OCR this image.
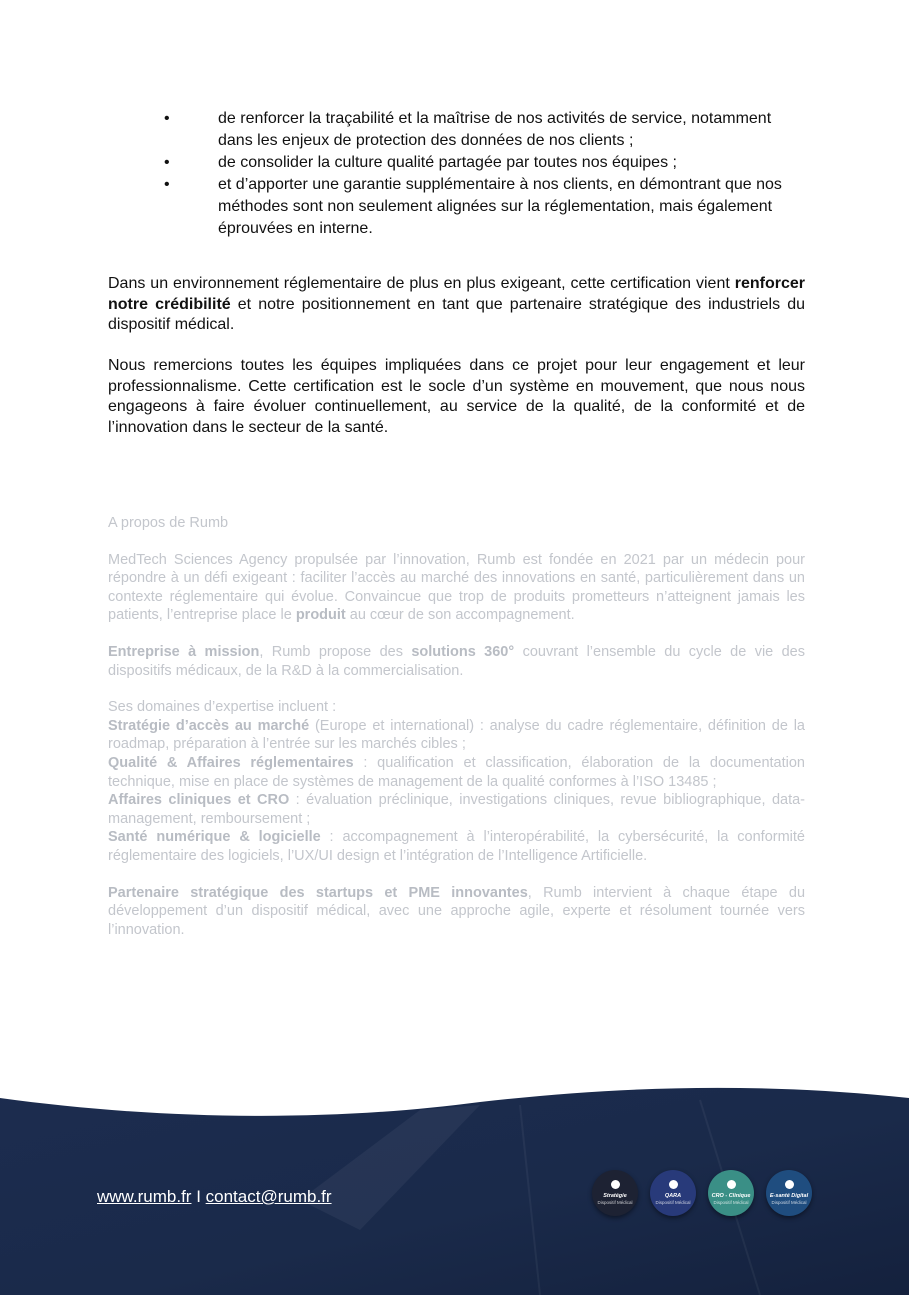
•	de renforcer la traçabilité et la maîtrise de nos activités de service, notamment dans les enjeux de protection des données de nos clients ;
•	de consolider la culture qualité partagée par toutes nos équipes ;
•	et d’apporter une garantie supplémentaire à nos clients, en démontrant que nos méthodes sont non seulement alignées sur la réglementation, mais également éprouvées en interne.

Dans un environnement réglementaire de plus en plus exigeant, cette certification vient renforcer notre crédibilité et notre positionnement en tant que partenaire stratégique des industriels du dispositif médical.

Nous remercions toutes les équipes impliquées dans ce projet pour leur engagement et leur professionnalisme. Cette certification est le socle d’un système en mouvement, que nous nous engageons à faire évoluer continuellement, au service de la qualité, de la conformité et de l’innovation dans le secteur de la santé.

A propos de Rumb

MedTech Sciences Agency propulsée par l’innovation, Rumb est fondée en 2021 par un médecin pour répondre à un défi exigeant : faciliter l’accès au marché des innovations en santé, particulièrement dans un contexte réglementaire qui évolue. Convaincue que trop de produits prometteurs n’atteignent jamais les patients, l’entreprise place le produit au cœur de son accompagnement.

Entreprise à mission, Rumb propose des solutions 360° couvrant l’ensemble du cycle de vie des dispositifs médicaux, de la R&D à la commercialisation.

Ses domaines d’expertise incluent :

Stratégie d’accès au marché (Europe et international) : analyse du cadre réglementaire, définition de la roadmap, préparation à l’entrée sur les marchés cibles ;

Qualité & Affaires réglementaires : qualification et classification, élaboration de la documentation technique, mise en place de systèmes de management de la qualité conformes à l’ISO 13485 ;

Affaires cliniques et CRO : évaluation préclinique, investigations cliniques, revue bibliographique, data-management, remboursement ;

Santé numérique & logicielle : accompagnement à l’interopérabilité, la cybersécurité, la conformité réglementaire des logiciels, l’UX/UI design et l’intégration de l’Intelligence Artificielle.

Partenaire stratégique des startups et PME innovantes, Rumb intervient à chaque étape du développement d’un dispositif médical, avec une approche agile, experte et résolument tournée vers l’innovation.

www.rumb.fr I contact@rumb.fr	Stratégie
Dispositif Médical
QARA
Dispositif Médical
CRO - Clinique
Dispositif Médical
E-santé Digital
Dispositif Médical
